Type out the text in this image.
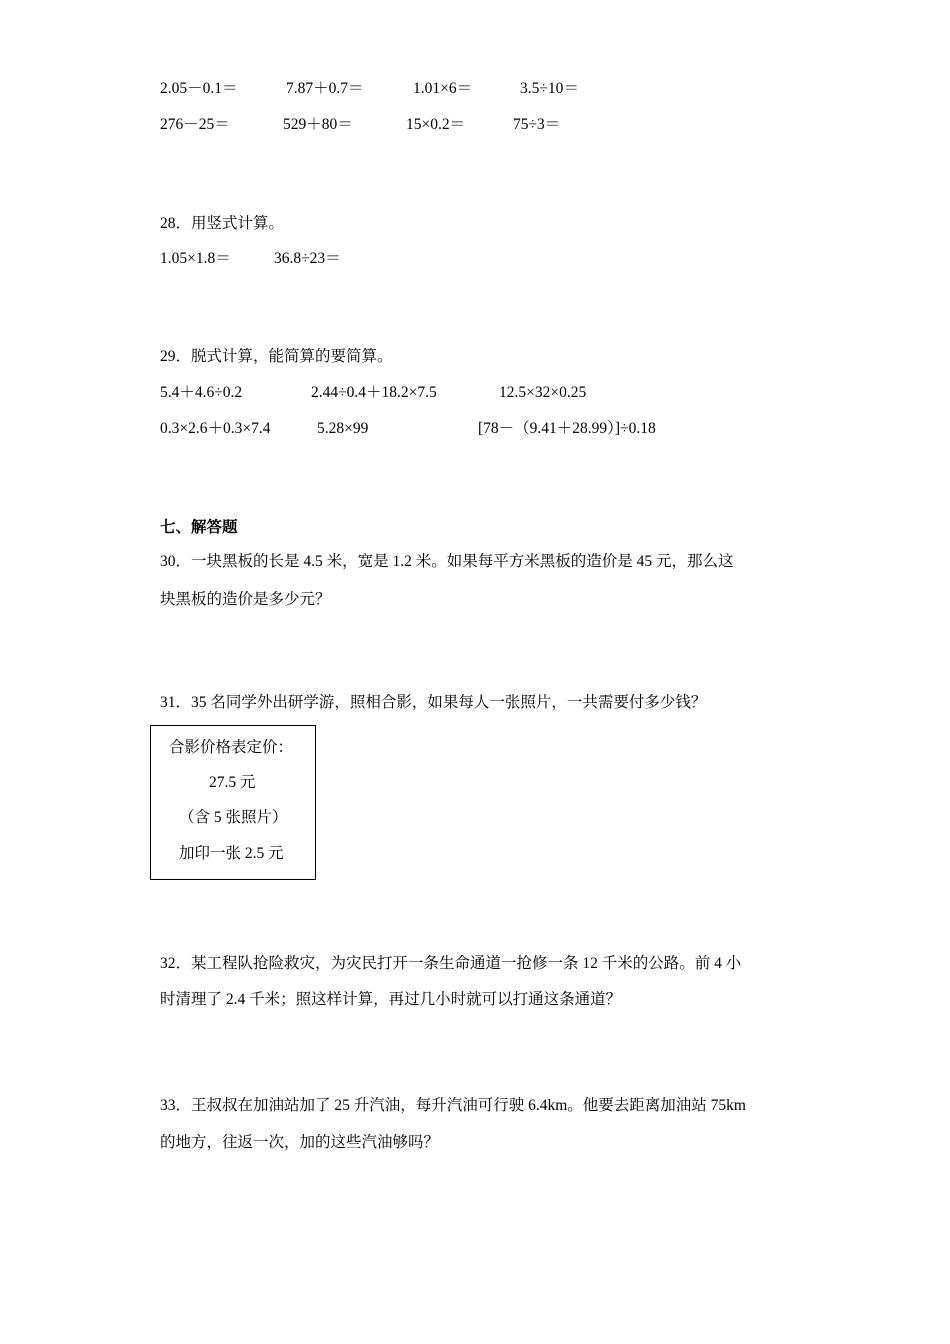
2.05－0.1＝	7.87＋0.7＝	1.01×6＝	3.5÷10＝
276－25＝	529＋80＝	15×0.2＝	75÷3＝
28．用竖式计算。
1.05×1.8＝	36.8÷23＝
29．脱式计算，能简算的要简算。
5.4＋4.6÷0.2	2.44÷0.4＋18.2×7.5	12.5×32×0.25
0.3×2.6＋0.3×7.4	5.28×99	[78－（9.41＋28.99）]÷0.18
七、解答题
30．一块黑板的长是 4.5 米，宽是 1.2 米。如果每平方米黑板的造价是 45 元，那么这
块黑板的造价是多少元？
31．35 名同学外出研学游，照相合影，如果每人一张照片，一共需要付多少钱？
合影价格表定价：
27.5 元
（含 5 张照片）
加印一张 2.5 元
32．某工程队抢险救灾，为灾民打开一条生命通道一抢修一条 12 千米的公路。前 4 小
时清理了 2.4 千米；照这样计算，再过几小时就可以打通这条通道？
33．王叔叔在加油站加了 25 升汽油，每升汽油可行驶 6.4km。他要去距离加油站 75km
的地方，往返一次，加的这些汽油够吗？
